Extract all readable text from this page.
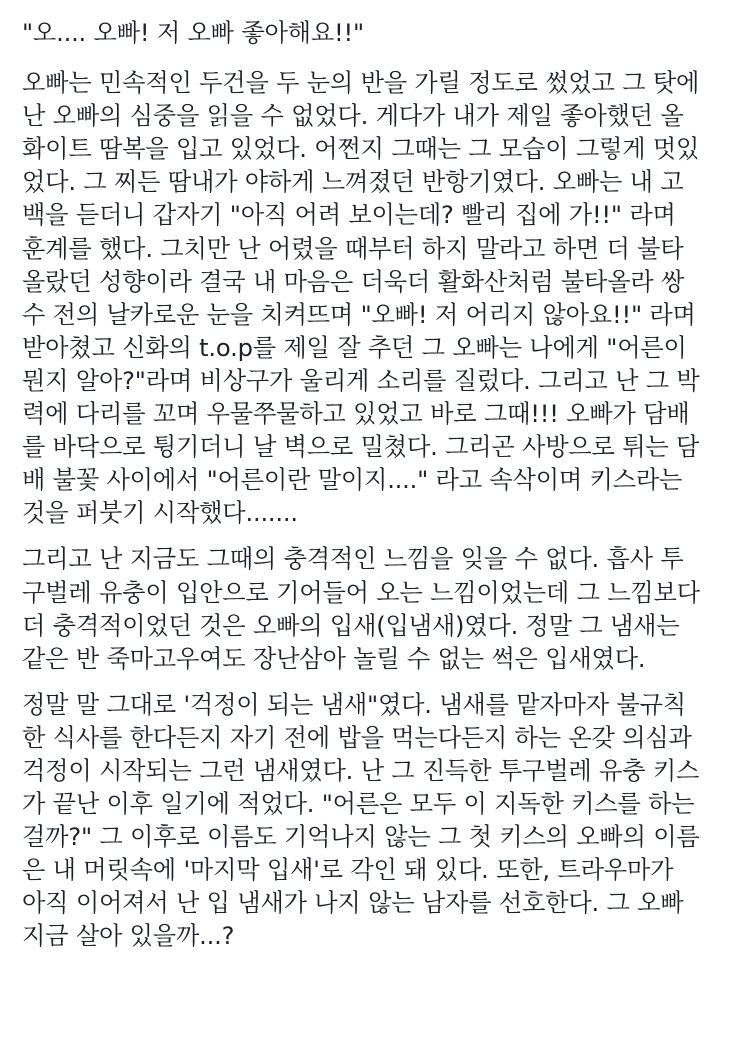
"오.... 오빠! 저 오빠 좋아해요!!"
오빠는 민속적인 두건을 두 눈의 반을 가릴 정도로 썼었고 그 탓에
난 오빠의 심중을 읽을 수 없었다. 게다가 내가 제일 좋아했던 올
화이트 땀복을 입고 있었다. 어쩐지 그때는 그 모습이 그렇게 멋있
었다. 그 찌든 땀내가 야하게 느껴졌던 반항기였다. 오빠는 내 고
백을 듣더니 갑자기 "아직 어려 보이는데? 빨리 집에 가!!" 라며
훈계를 했다. 그치만 난 어렸을 때부터 하지 말라고 하면 더 불타
올랐던 성향이라 결국 내 마음은 더욱더 활화산처럼 불타올라 쌍
수 전의 날카로운 눈을 치켜뜨며 "오빠! 저 어리지 않아요!!" 라며
받아쳤고 신화의 t.o.p를 제일 잘 추던 그 오빠는 나에게 "어른이
뭔지 알아?"라며 비상구가 울리게 소리를 질렀다. 그리고 난 그 박
력에 다리를 꼬며 우물쭈물하고 있었고 바로 그때!!! 오빠가 담배
를 바닥으로 튕기더니 날 벽으로 밀쳤다. 그리곤 사방으로 튀는 담
배 불꽃 사이에서 "어른이란 말이지...." 라고 속삭이며 키스라는
것을 퍼붓기 시작했다.......
그리고 난 지금도 그때의 충격적인 느낌을 잊을 수 없다. 흡사 투
구벌레 유충이 입안으로 기어들어 오는 느낌이었는데 그 느낌보다
더 충격적이었던 것은 오빠의 입새(입냄새)였다. 정말 그 냄새는
같은 반 죽마고우여도 장난삼아 놀릴 수 없는 썩은 입새였다.
정말 말 그대로 '걱정이 되는 냄새"였다. 냄새를 맡자마자 불규칙
한 식사를 한다든지 자기 전에 밥을 먹는다든지 하는 온갖 의심과
걱정이 시작되는 그런 냄새였다. 난 그 진득한 투구벌레 유충 키스
가 끝난 이후 일기에 적었다. "어른은 모두 이 지독한 키스를 하는
걸까?" 그 이후로 이름도 기억나지 않는 그 첫 키스의 오빠의 이름
은 내 머릿속에 '마지막 입새'로 각인 돼 있다. 또한, 트라우마가
아직 이어져서 난 입 냄새가 나지 않는 남자를 선호한다. 그 오빠
지금 살아 있을까...?
